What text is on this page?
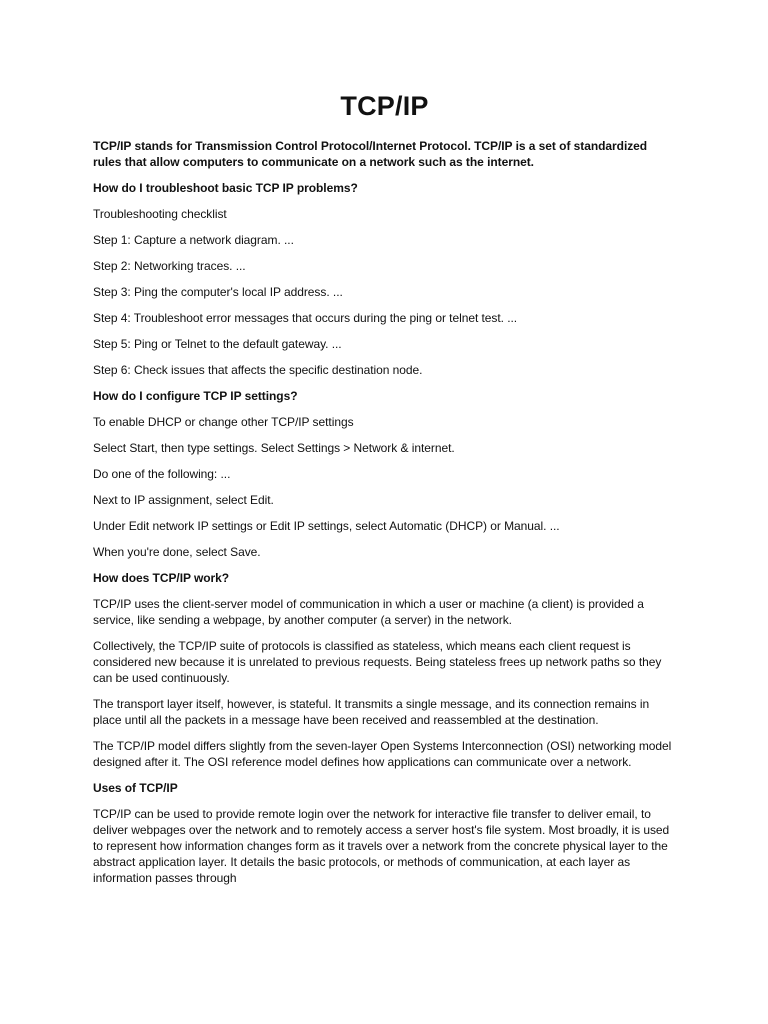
TCP/IP

TCP/IP stands for Transmission Control Protocol/Internet Protocol. TCP/IP is a set of standardized rules that allow computers to communicate on a network such as the internet.

How do I troubleshoot basic TCP IP problems?

Troubleshooting checklist

Step 1: Capture a network diagram. ...

Step 2: Networking traces. ...

Step 3: Ping the computer's local IP address. ...

Step 4: Troubleshoot error messages that occurs during the ping or telnet test. ...

Step 5: Ping or Telnet to the default gateway. ...

Step 6: Check issues that affects the specific destination node.

How do I configure TCP IP settings?

To enable DHCP or change other TCP/IP settings

Select Start, then type settings. Select Settings > Network & internet.

Do one of the following: ...

Next to IP assignment, select Edit.

Under Edit network IP settings or Edit IP settings, select Automatic (DHCP) or Manual. ...

When you're done, select Save.

How does TCP/IP work?

TCP/IP uses the client-server model of communication in which a user or machine (a client) is provided a service, like sending a webpage, by another computer (a server) in the network.

Collectively, the TCP/IP suite of protocols is classified as stateless, which means each client request is considered new because it is unrelated to previous requests. Being stateless frees up network paths so they can be used continuously.

The transport layer itself, however, is stateful. It transmits a single message, and its connection remains in place until all the packets in a message have been received and reassembled at the destination.

The TCP/IP model differs slightly from the seven-layer Open Systems Interconnection (OSI) networking model designed after it. The OSI reference model defines how applications can communicate over a network.

Uses of TCP/IP

TCP/IP can be used to provide remote login over the network for interactive file transfer to deliver email, to deliver webpages over the network and to remotely access a server host's file system. Most broadly, it is used to represent how information changes form as it travels over a network from the concrete physical layer to the abstract application layer. It details the basic protocols, or methods of communication, at each layer as information passes through
